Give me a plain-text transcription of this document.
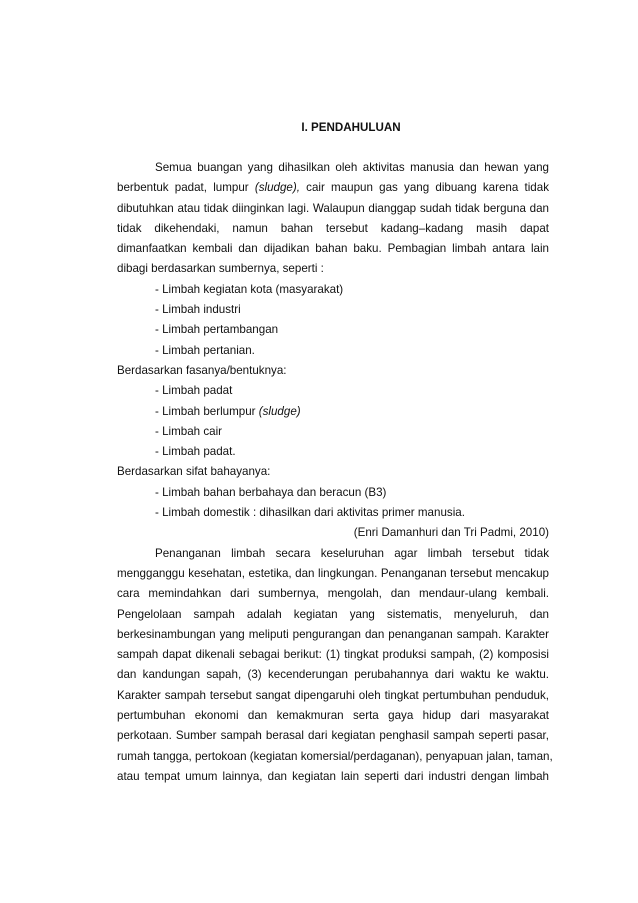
I. PENDAHULUAN
Semua buangan yang dihasilkan oleh aktivitas manusia dan hewan yang
berbentuk padat, lumpur (sludge), cair maupun gas yang dibuang karena tidak
dibutuhkan atau tidak diinginkan lagi. Walaupun dianggap sudah tidak berguna dan
tidak dikehendaki, namun bahan tersebut kadang–kadang masih dapat
dimanfaatkan kembali dan dijadikan bahan baku. Pembagian limbah antara lain
dibagi berdasarkan sumbernya, seperti :
- Limbah kegiatan kota (masyarakat)
- Limbah industri
- Limbah pertambangan
- Limbah pertanian.

Berdasarkan fasanya/bentuknya:

- Limbah padat
- Limbah berlumpur (sludge)
- Limbah cair
- Limbah padat.

Berdasarkan sifat bahayanya:

- Limbah bahan berbahaya dan beracun (B3)
- Limbah domestik : dihasilkan dari aktivitas primer manusia.

(Enri Damanhuri dan Tri Padmi, 2010)

Penanganan limbah secara keseluruhan agar limbah tersebut tidak
mengganggu kesehatan, estetika, dan lingkungan. Penanganan tersebut mencakup
cara memindahkan dari sumbernya, mengolah, dan mendaur-ulang kembali.
Pengelolaan sampah adalah kegiatan yang sistematis, menyeluruh, dan
berkesinambungan yang meliputi pengurangan dan penanganan sampah. Karakter
sampah dapat dikenali sebagai berikut: (1) tingkat produksi sampah, (2) komposisi
dan kandungan sapah, (3) kecenderungan perubahannya dari waktu ke waktu.
Karakter sampah tersebut sangat dipengaruhi oleh tingkat pertumbuhan penduduk,
pertumbuhan ekonomi dan kemakmuran serta gaya hidup dari masyarakat
perkotaan. Sumber sampah berasal dari kegiatan penghasil sampah seperti pasar,
rumah tangga, pertokoan (kegiatan komersial/perdaganan), penyapuan jalan, taman,
atau tempat umum lainnya, dan kegiatan lain seperti dari industri dengan limbah
